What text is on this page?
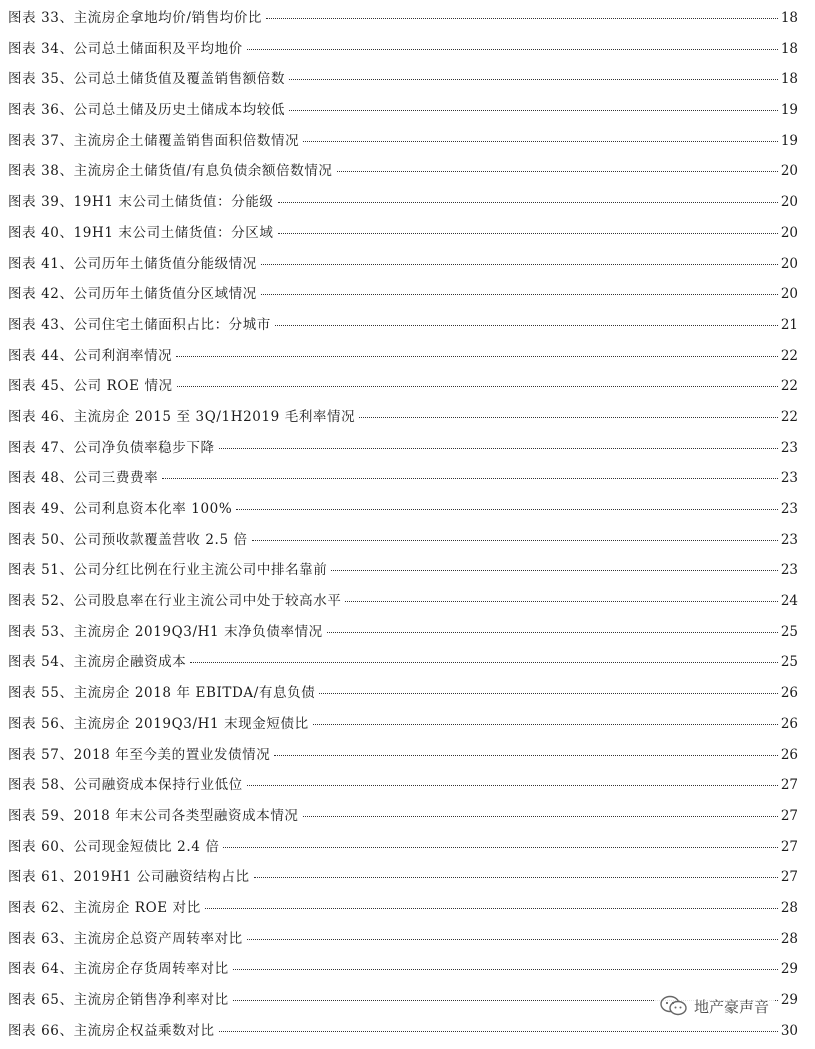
图表 33、主流房企拿地均价/销售均价比	18
图表 34、公司总土储面积及平均地价	18
图表 35、公司总土储货值及覆盖销售额倍数	18
图表 36、公司总土储及历史土储成本均较低	19
图表 37、主流房企土储覆盖销售面积倍数情况	19
图表 38、主流房企土储货值/有息负债余额倍数情况	20
图表 39、19H1 末公司土储货值：分能级	20
图表 40、19H1 末公司土储货值：分区域	20
图表 41、公司历年土储货值分能级情况	20
图表 42、公司历年土储货值分区域情况	20
图表 43、公司住宅土储面积占比：分城市	21
图表 44、公司利润率情况	22
图表 45、公司 ROE 情况	22
图表 46、主流房企 2015 至 3Q/1H2019 毛利率情况	22
图表 47、公司净负债率稳步下降	23
图表 48、公司三费费率	23
图表 49、公司利息资本化率 100%	23
图表 50、公司预收款覆盖营收 2.5 倍	23
图表 51、公司分红比例在行业主流公司中排名靠前	23
图表 52、公司股息率在行业主流公司中处于较高水平	24
图表 53、主流房企 2019Q3/H1 末净负债率情况	25
图表 54、主流房企融资成本	25
图表 55、主流房企 2018 年 EBITDA/有息负债	26
图表 56、主流房企 2019Q3/H1 末现金短债比	26
图表 57、2018 年至今美的置业发债情况	26
图表 58、公司融资成本保持行业低位	27
图表 59、2018 年末公司各类型融资成本情况	27
图表 60、公司现金短债比 2.4 倍	27
图表 61、2019H1 公司融资结构占比	27
图表 62、主流房企 ROE 对比	28
图表 63、主流房企总资产周转率对比	28
图表 64、主流房企存货周转率对比	29
图表 65、主流房企销售净利率对比	29
图表 66、主流房企权益乘数对比	30
地产豪声音
